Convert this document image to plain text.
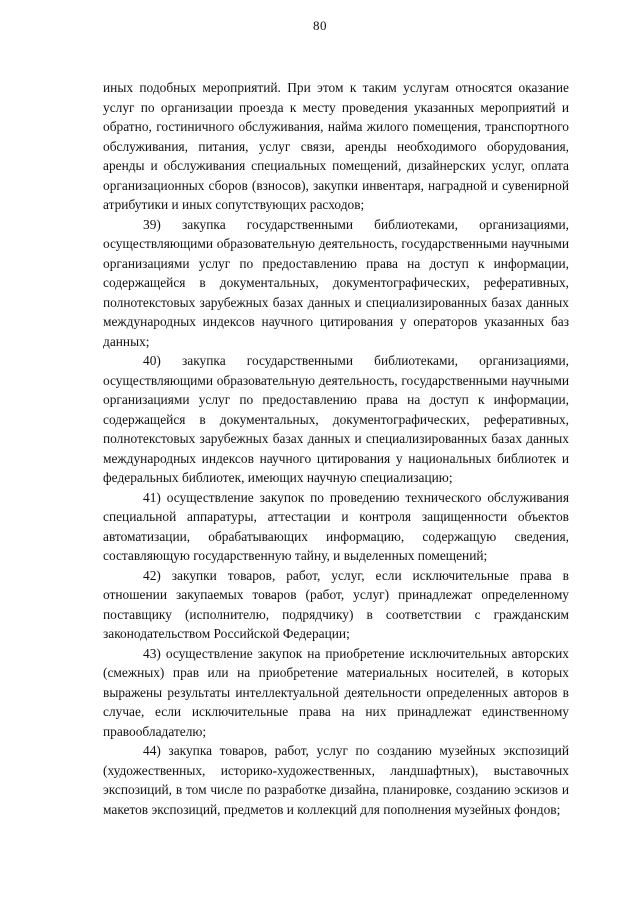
80

иных подобных мероприятий. При этом к таким услугам относятся оказание услуг по организации проезда к месту проведения указанных мероприятий и обратно, гостиничного обслуживания, найма жилого помещения, транспортного обслуживания, питания, услуг связи, аренды необходимого оборудования, аренды и обслуживания специальных помещений, дизайнерских услуг, оплата организационных сборов (взносов), закупки инвентаря, наградной и сувенирной атрибутики и иных сопутствующих расходов;

39) закупка государственными библиотеками, организациями, осуществляющими образовательную деятельность, государственными научными организациями услуг по предоставлению права на доступ к информации, содержащейся в документальных, документографических, реферативных, полнотекстовых зарубежных базах данных и специализированных базах данных международных индексов научного цитирования у операторов указанных баз данных;

40) закупка государственными библиотеками, организациями, осуществляющими образовательную деятельность, государственными научными организациями услуг по предоставлению права на доступ к информации, содержащейся в документальных, документографических, реферативных, полнотекстовых зарубежных базах данных и специализированных базах данных международных индексов научного цитирования у национальных библиотек и федеральных библиотек, имеющих научную специализацию;

41) осуществление закупок по проведению технического обслуживания специальной аппаратуры, аттестации и контроля защищенности объектов автоматизации, обрабатывающих информацию, содержащую сведения, составляющую государственную тайну, и выделенных помещений;

42) закупки товаров, работ, услуг, если исключительные права в отношении закупаемых товаров (работ, услуг) принадлежат определенному поставщику (исполнителю, подрядчику) в соответствии с гражданским законодательством Российской Федерации;

43) осуществление закупок на приобретение исключительных авторских (смежных) прав или на приобретение материальных носителей, в которых выражены результаты интеллектуальной деятельности определенных авторов в случае, если исключительные права на них принадлежат единственному правообладателю;

44) закупка товаров, работ, услуг по созданию музейных экспозиций (художественных, историко-художественных, ландшафтных), выставочных экспозиций, в том числе по разработке дизайна, планировке, созданию эскизов и макетов экспозиций, предметов и коллекций для пополнения музейных фондов;
